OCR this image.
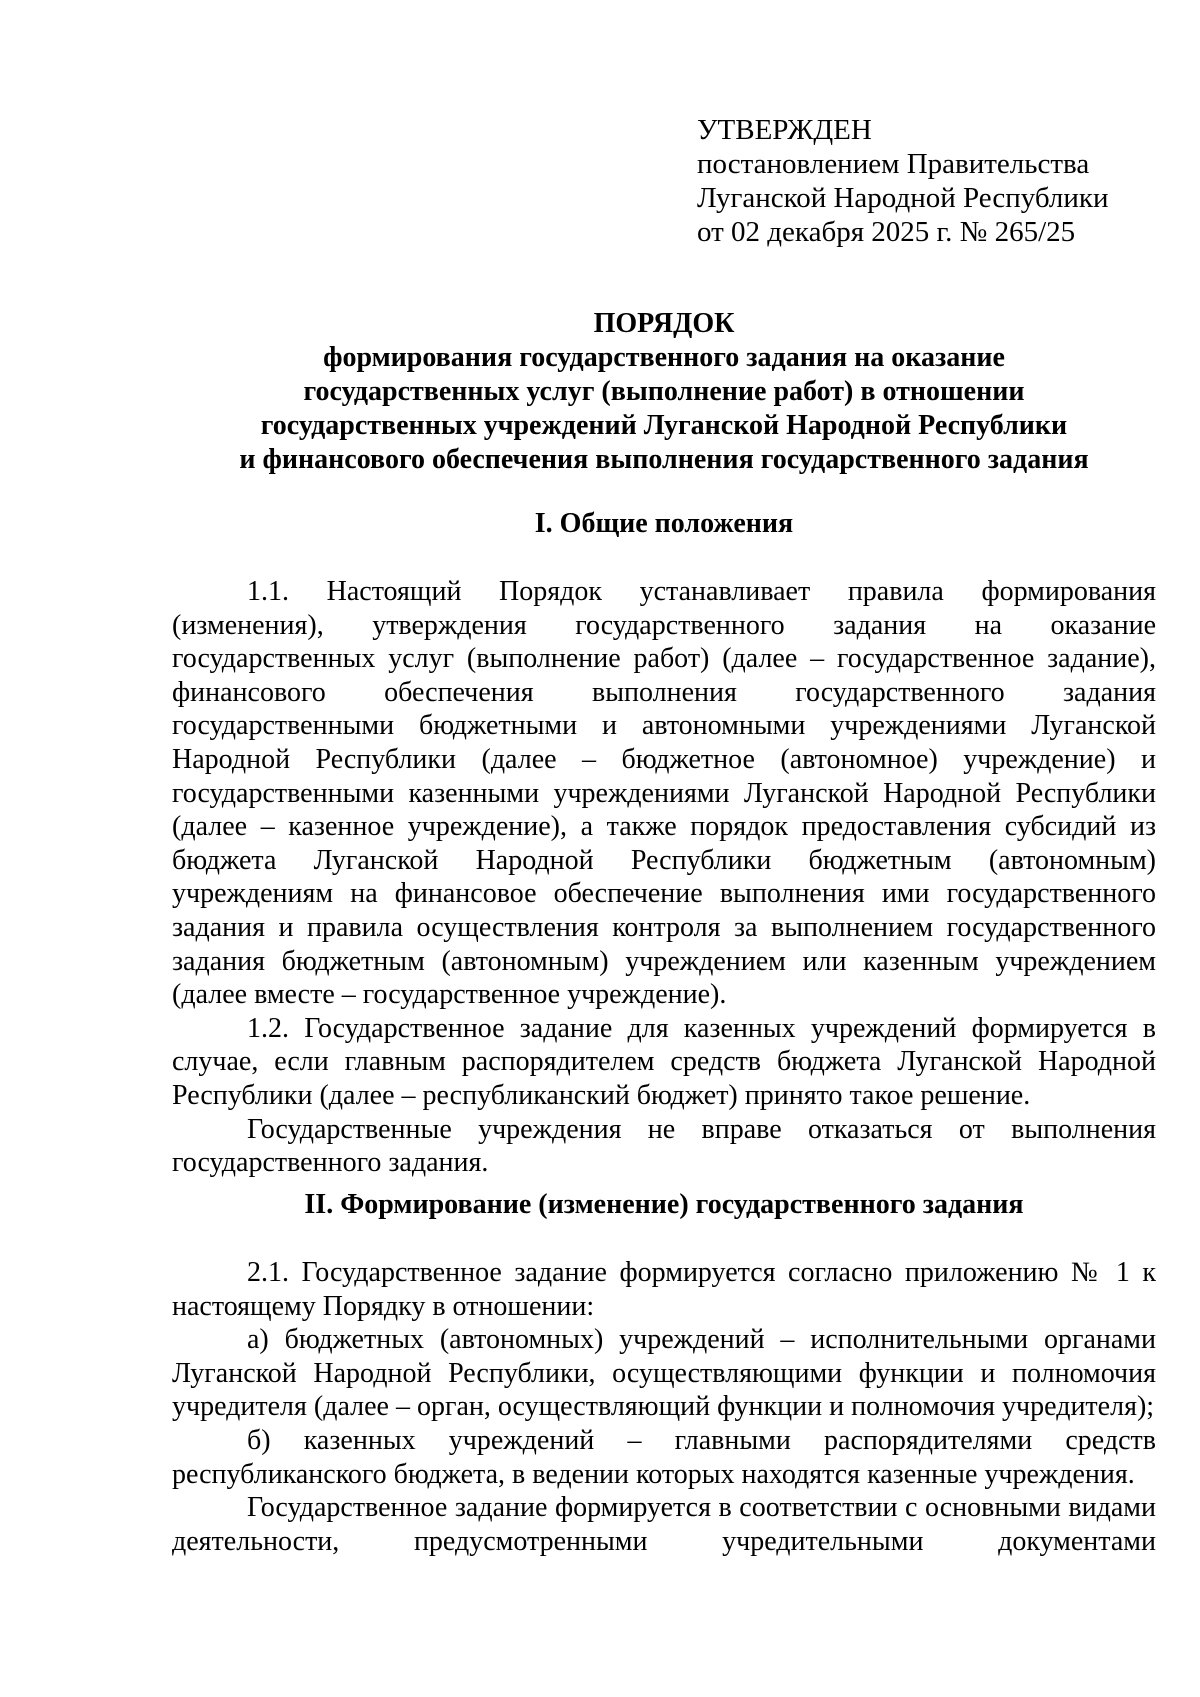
УТВЕРЖДЕН
постановлением Правительства
Луганской Народной Республики
от 02 декабря 2025 г. № 265/25
ПОРЯДОК
формирования государственного задания на оказание
государственных услуг (выполнение работ) в отношении
государственных учреждений Луганской Народной Республики
и финансового обеспечения выполнения государственного задания
I. Общие положения

1.1. Настоящий Порядок устанавливает правила формирования (изменения), утверждения государственного задания на оказание государственных услуг (выполнение работ) (далее – государственное задание), финансового обеспечения выполнения государственного задания государственными бюджетными и автономными учреждениями Луганской Народной Республики (далее – бюджетное (автономное) учреждение) и государственными казенными учреждениями Луганской Народной Республики (далее – казенное учреждение), а также порядок предоставления субсидий из бюджета Луганской Народной Республики бюджетным (автономным) учреждениям на финансовое обеспечение выполнения ими государственного задания и правила осуществления контроля за выполнением государственного задания бюджетным (автономным) учреждением или казенным учреждением (далее вместе – государственное учреждение).

1.2. Государственное задание для казенных учреждений формируется в случае, если главным распорядителем средств бюджета Луганской Народной Республики (далее – республиканский бюджет) принято такое решение.

Государственные учреждения не вправе отказаться от выполнения государственного задания.

II. Формирование (изменение) государственного задания

2.1. Государственное задание формируется согласно приложению № 1 к настоящему Порядку в отношении:

а) бюджетных (автономных) учреждений – исполнительными органами Луганской Народной Республики, осуществляющими функции и полномочия учредителя (далее – орган, осуществляющий функции и полномочия учредителя);

б) казенных учреждений – главными распорядителями средств республиканского бюджета, в ведении которых находятся казенные учреждения.

Государственное задание формируется в соответствии с основными видами деятельности, предусмотренными учредительными документами
